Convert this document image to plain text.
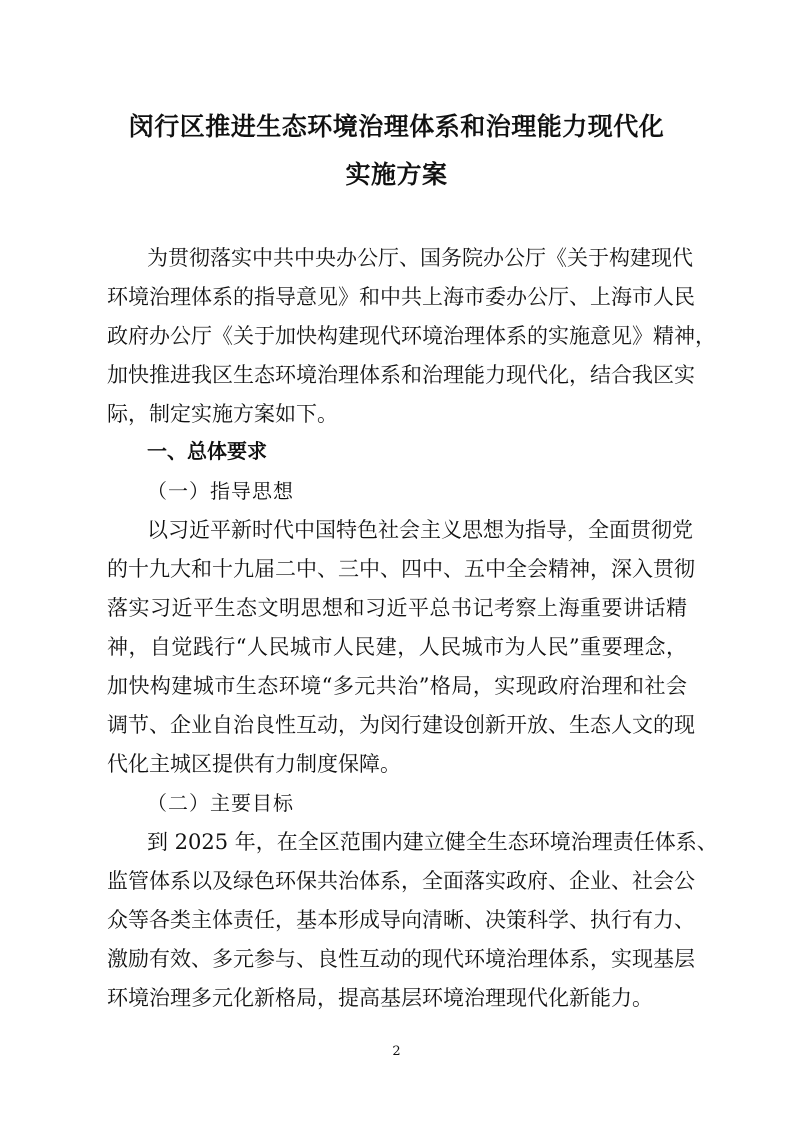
闵行区推进生态环境治理体系和治理能力现代化
实施方案
为贯彻落实中共中央办公厅、国务院办公厅《关于构建现代
环境治理体系的指导意见》和中共上海市委办公厅、上海市人民
政府办公厅《关于加快构建现代环境治理体系的实施意见》精神，
加快推进我区生态环境治理体系和治理能力现代化，结合我区实
际，制定实施方案如下。
一、总体要求
（一）指导思想
以习近平新时代中国特色社会主义思想为指导，全面贯彻党
的十九大和十九届二中、三中、四中、五中全会精神，深入贯彻
落实习近平生态文明思想和习近平总书记考察上海重要讲话精
神，自觉践行“人民城市人民建，人民城市为人民”重要理念，
加快构建城市生态环境“多元共治”格局，实现政府治理和社会
调节、企业自治良性互动，为闵行建设创新开放、生态人文的现
代化主城区提供有力制度保障。
（二）主要目标
到 2025 年，在全区范围内建立健全生态环境治理责任体系、
监管体系以及绿色环保共治体系，全面落实政府、企业、社会公
众等各类主体责任，基本形成导向清晰、决策科学、执行有力、
激励有效、多元参与、良性互动的现代环境治理体系，实现基层
环境治理多元化新格局，提高基层环境治理现代化新能力。
2
